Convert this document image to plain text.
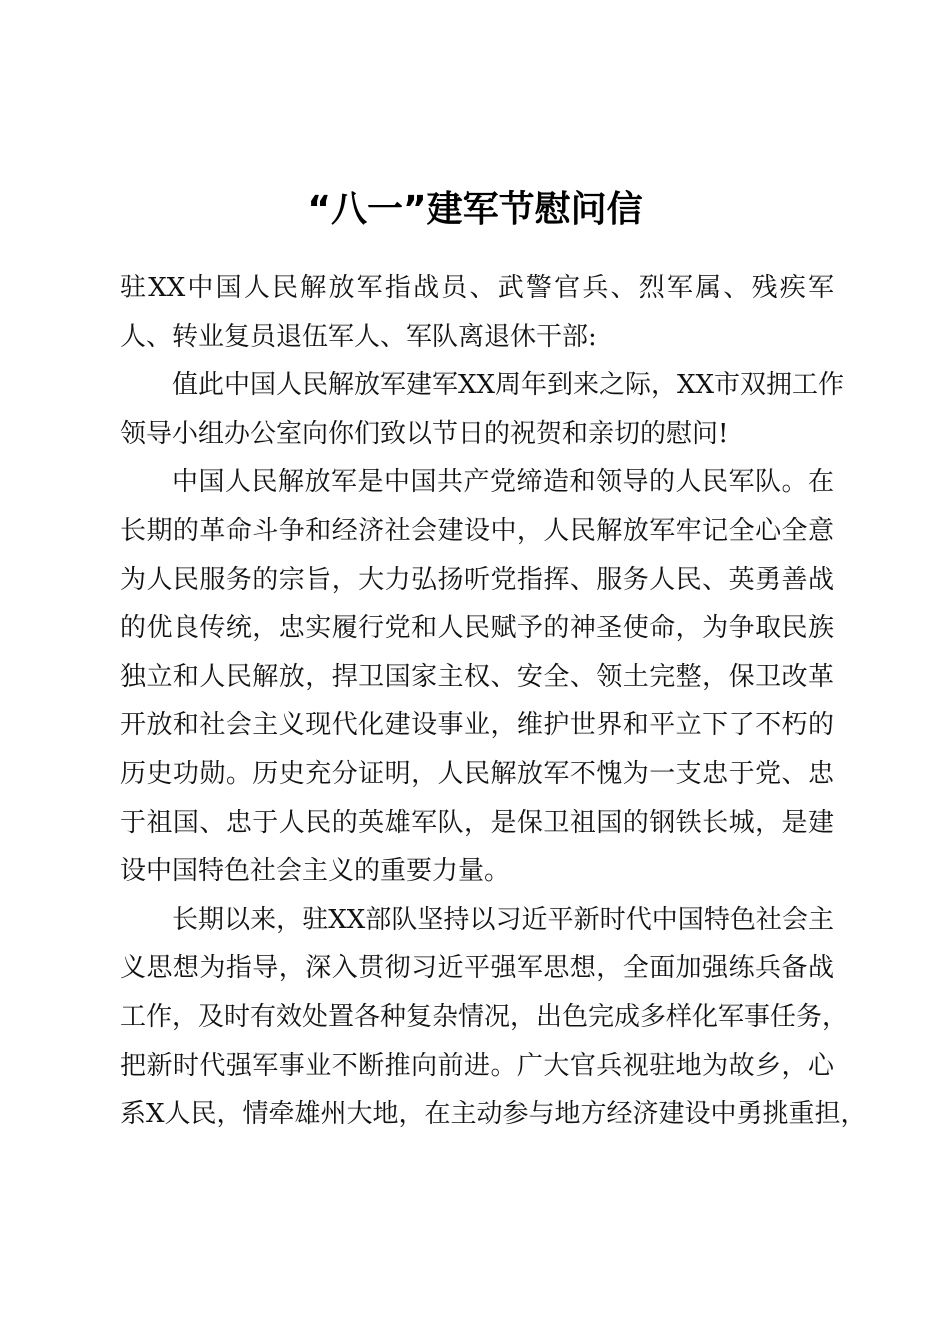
“八一”建军节慰问信
驻XX中国人民解放军指战员、武警官兵、烈军属、残疾军
人、转业复员退伍军人、军队离退休干部:
值此中国人民解放军建军XX周年到来之际，XX市双拥工作
领导小组办公室向你们致以节日的祝贺和亲切的慰问!
中国人民解放军是中国共产党缔造和领导的人民军队。在
长期的革命斗争和经济社会建设中，人民解放军牢记全心全意
为人民服务的宗旨，大力弘扬听党指挥、服务人民、英勇善战
的优良传统，忠实履行党和人民赋予的神圣使命，为争取民族
独立和人民解放，捍卫国家主权、安全、领土完整，保卫改革
开放和社会主义现代化建设事业，维护世界和平立下了不朽的
历史功勋。历史充分证明，人民解放军不愧为一支忠于党、忠
于祖国、忠于人民的英雄军队，是保卫祖国的钢铁长城，是建
设中国特色社会主义的重要力量。
长期以来，驻XX部队坚持以习近平新时代中国特色社会主
义思想为指导，深入贯彻习近平强军思想，全面加强练兵备战
工作，及时有效处置各种复杂情况，出色完成多样化军事任务，
把新时代强军事业不断推向前进。广大官兵视驻地为故乡，心
系X人民，情牵雄州大地，在主动参与地方经济建设中勇挑重担，
